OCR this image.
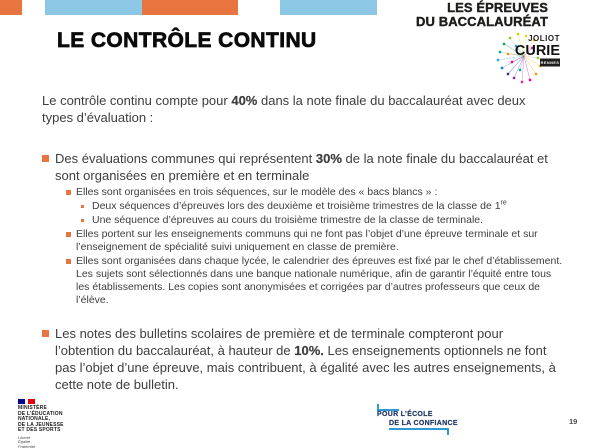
LES ÉPREUVES
DU BACCALAURÉAT
JOLIOT
CURIE
RENNES
LE CONTRÔLE CONTINU

Le contrôle continu compte pour 40% dans la note finale du baccalauréat avec deux types d’évaluation :

Des évaluations communes qui représentent 30% de la note finale du baccalauréat et sont organisées en première et en terminale
Elles sont organisées en trois séquences, sur le modèle des « bacs blancs » :
Deux séquences d’épreuves lors des deuxième et troisième trimestres de la classe de 1re
Une séquence d’épreuves au cours du troisième trimestre de la classe de terminale.
Elles portent sur les enseignements communs qui ne font pas l’objet d’une épreuve terminale et sur l’enseignement de spécialité suivi uniquement en classe de première.
Elles sont organisées dans chaque lycée, le calendrier des épreuves est fixé par le chef d’établissement. Les sujets sont sélectionnés dans une banque nationale numérique, afin de garantir l’équité entre tous les établissements. Les copies sont anonymisées et corrigées par d’autres professeurs que ceux de l’élève.
Les notes des bulletins scolaires de première et de terminale compteront pour l’obtention du baccalauréat, à hauteur de 10%. Les enseignements optionnels ne font pas l’objet d’une épreuve, mais contribuent, à égalité avec les autres enseignements, à cette note de bulletin.
MINISTÈRE
DE L’ÉDUCATION
NATIONALE,
DE LA JEUNESSE
ET DES SPORTS
Liberté
Égalité
Fraternité
POUR L’ÉCOLE
DE LA CONFIANCE	19
